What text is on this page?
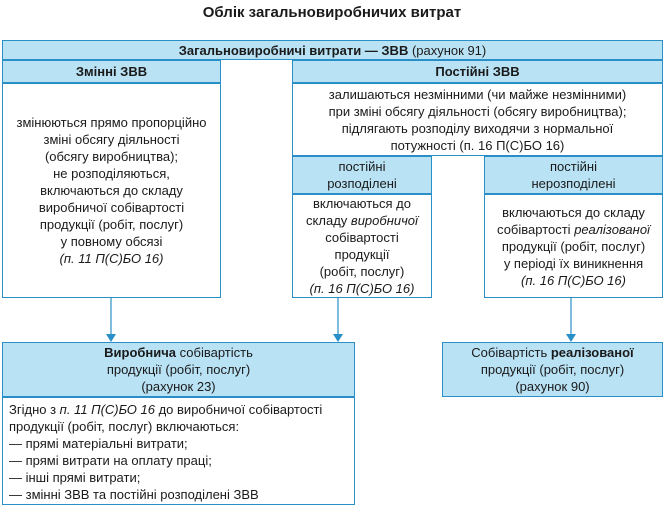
Облік загальновиробничих витрат
Загальновиробничі витрати — ЗВВ (рахунок 91)
Змінні ЗВВ
змінюються прямо пропорційно
зміні обсягу діяльності
(обсягу виробництва);
не розподіляються,
включаються до складу
виробничої собівартості
продукції (робіт, послуг)
у повному обсязі
(п. 11 П(С)БО 16)
Постійні ЗВВ
залишаються незмінними (чи майже незмінними)
при зміні обсягу діяльності (обсягу виробництва);
підлягають розподілу виходячи з нормальної
потужності (п. 16 П(С)БО 16)
постійні
розподілені
включаються до
складу виробничої
собівартості
продукції
(робіт, послуг)
(п. 16 П(С)БО 16)
постійні
нерозподілені
включаються до складу
собівартості реалізованої
продукції (робіт, послуг)
у періоді їх виникнення
(п. 16 П(С)БО 16)
Виробнича собівартість
продукції (робіт, послуг)
(рахунок 23)
Згідно з п. 11 П(С)БО 16 до виробничої собівартості
продукції (робіт, послуг) включаються:
— прямі матеріальні витрати;
— прямі витрати на оплату праці;
— інші прямі витрати;
— змінні ЗВВ та постійні розподілені ЗВВ
Собівартість реалізованої
продукції (робіт, послуг)
(рахунок 90)
